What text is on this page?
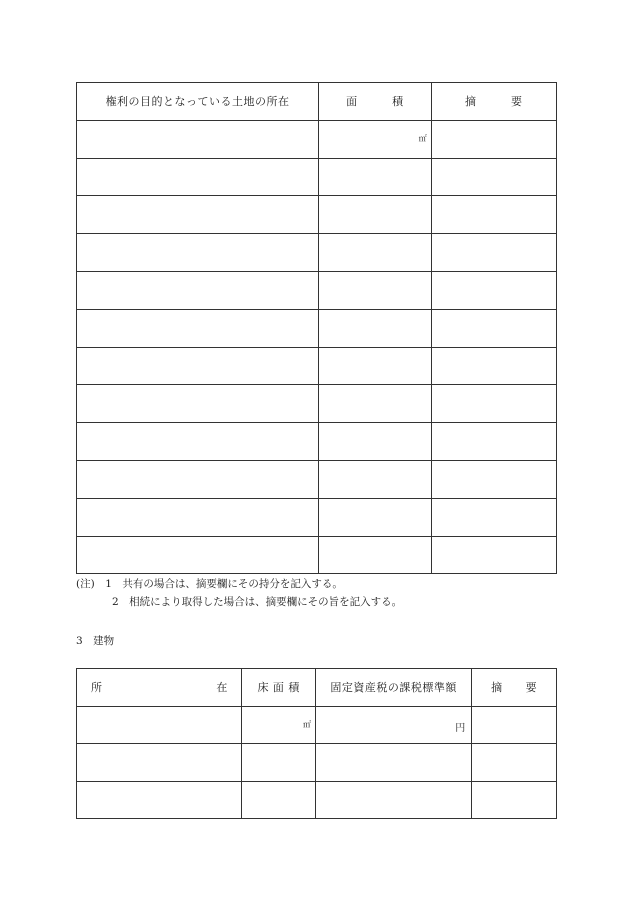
権利の目的となっている土地の所在	面　　　積	摘　　　要
	㎡	

(注)　 1　共有の場合は、摘要欄にその持分を記入する。
2　相続により取得した場合は、摘要欄にその旨を記入する。
3　建物
所 在	床 面 積	固定資産税の課税標準額	摘　　要
	㎡	円	
